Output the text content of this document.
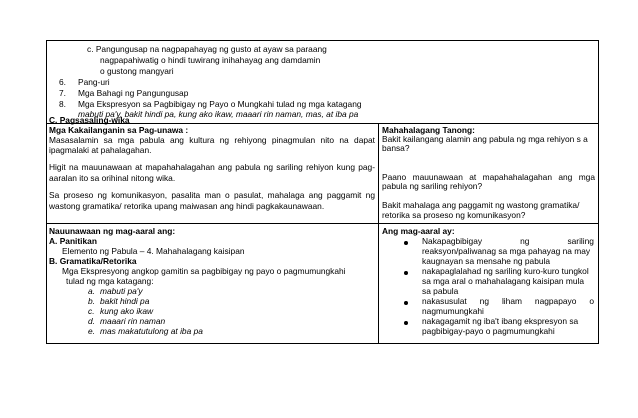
c. Pangungusap na nagpapahayag ng gusto at ayaw sa paraang
nagpapahiwatig o hindi tuwirang inihahayag ang damdamin
o gustong mangyari
6. Pang-uri
7. Mga Bahagi ng Pangungusap
8. Mga Ekspresyon sa Pagbibigay ng Payo o Mungkahi tulad ng mga katagang
mabuti pa'y, bakit hindi pa, kung ako ikaw, maaari rin naman, mas, at iba pa
C. Pagsasaling-wika
Mga Kakailanganin sa Pag-unawa :
Masasalamin sa mga pabula ang kultura ng rehiyong pinagmulan nito na dapat
ipagmalaki at pahalagahan.
Higit na mauunawaan at mapahahalagahan ang pabula ng sariling rehiyon kung pag-
aaralan ito sa orihinal nitong wika.
Sa proseso ng komunikasyon, pasalita man o pasulat, mahalaga ang paggamit ng
wastong gramatika/ retorika upang maiwasan ang hindi pagkakaunawaan.
Mahahalagang Tanong:
Bakit kailangang alamin ang pabula ng mga rehiyon s a
bansa?
Paano mauunawaan at mapahahalagahan ang mga
pabula ng sariling rehiyon?
Bakit mahalaga ang paggamit ng wastong gramatika/
retorika sa proseso ng komunikasyon?
Nauunawaan ng mag-aaral ang:
A. Panitikan
Elemento ng Pabula – 4. Mahahalagang kaisipan
B. Gramatika/Retorika
Mga Ekspresyong angkop gamitin sa pagbibigay ng payo o pagmumungkahi
tulad ng mga katagang:
a. mabuti pa'y
b. bakit hindi pa
c. kung ako ikaw
d. maaari rin naman
e. mas makatutulong at iba pa
Ang mag-aaral ay:
Nakapagbibigay	ng	sariling
reaksyon/paliwanag sa mga pahayag na may
kaugnayan sa mensahe ng pabula
nakapaglalahad ng sariling kuro-kuro tungkol
sa mga aral o mahahalagang kaisipan mula
sa pabula
nakasusulat ng liham nagpapayo o
nagmumungkahi
nakagagamit ng iba't ibang ekspresyon sa
pagbibigay-payo o pagmumungkahi
